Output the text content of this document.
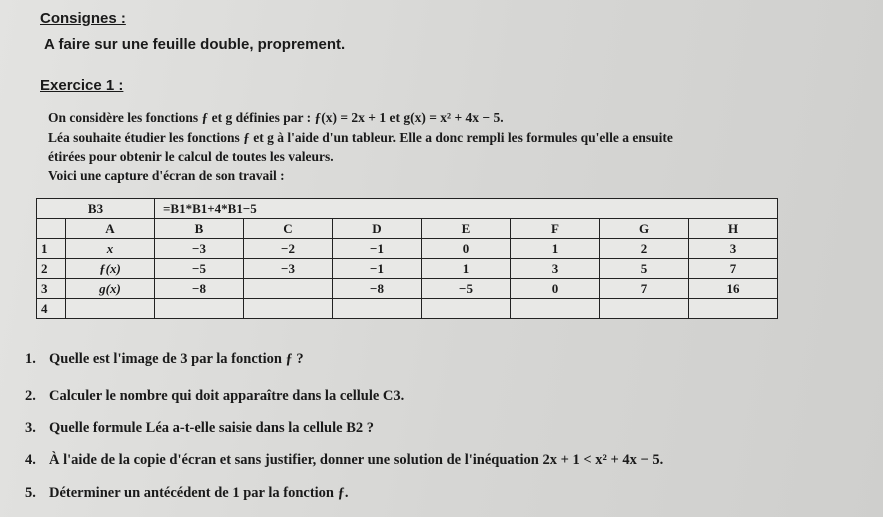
Consignes :
A faire sur une feuille double, proprement.
Exercice 1 :
On considère les fonctions ƒ et g définies par : ƒ(x) = 2x + 1 et g(x) = x² + 4x − 5.
Léa souhaite étudier les fonctions ƒ et g à l'aide d'un tableur. Elle a donc rempli les formules qu'elle a ensuite
étirées pour obtenir le calcul de toutes les valeurs.
Voici une capture d'écran de son travail :
B3		=B1*B1+4*B1−5						
	A	B	C	D	E	F	G	H
1	x	−3	−2	−1	0	1	2	3
2	ƒ(x)	−5	−3	−1	1	3	5	7
3	g(x)	−8		−8	−5	0	7	16
4								
1. Quelle est l'image de 3 par la fonction ƒ ?
2. Calculer le nombre qui doit apparaître dans la cellule C3.
3. Quelle formule Léa a-t-elle saisie dans la cellule B2 ?
4. À l'aide de la copie d'écran et sans justifier, donner une solution de l'inéquation 2x + 1 < x² + 4x − 5.
5. Déterminer un antécédent de 1 par la fonction ƒ.
